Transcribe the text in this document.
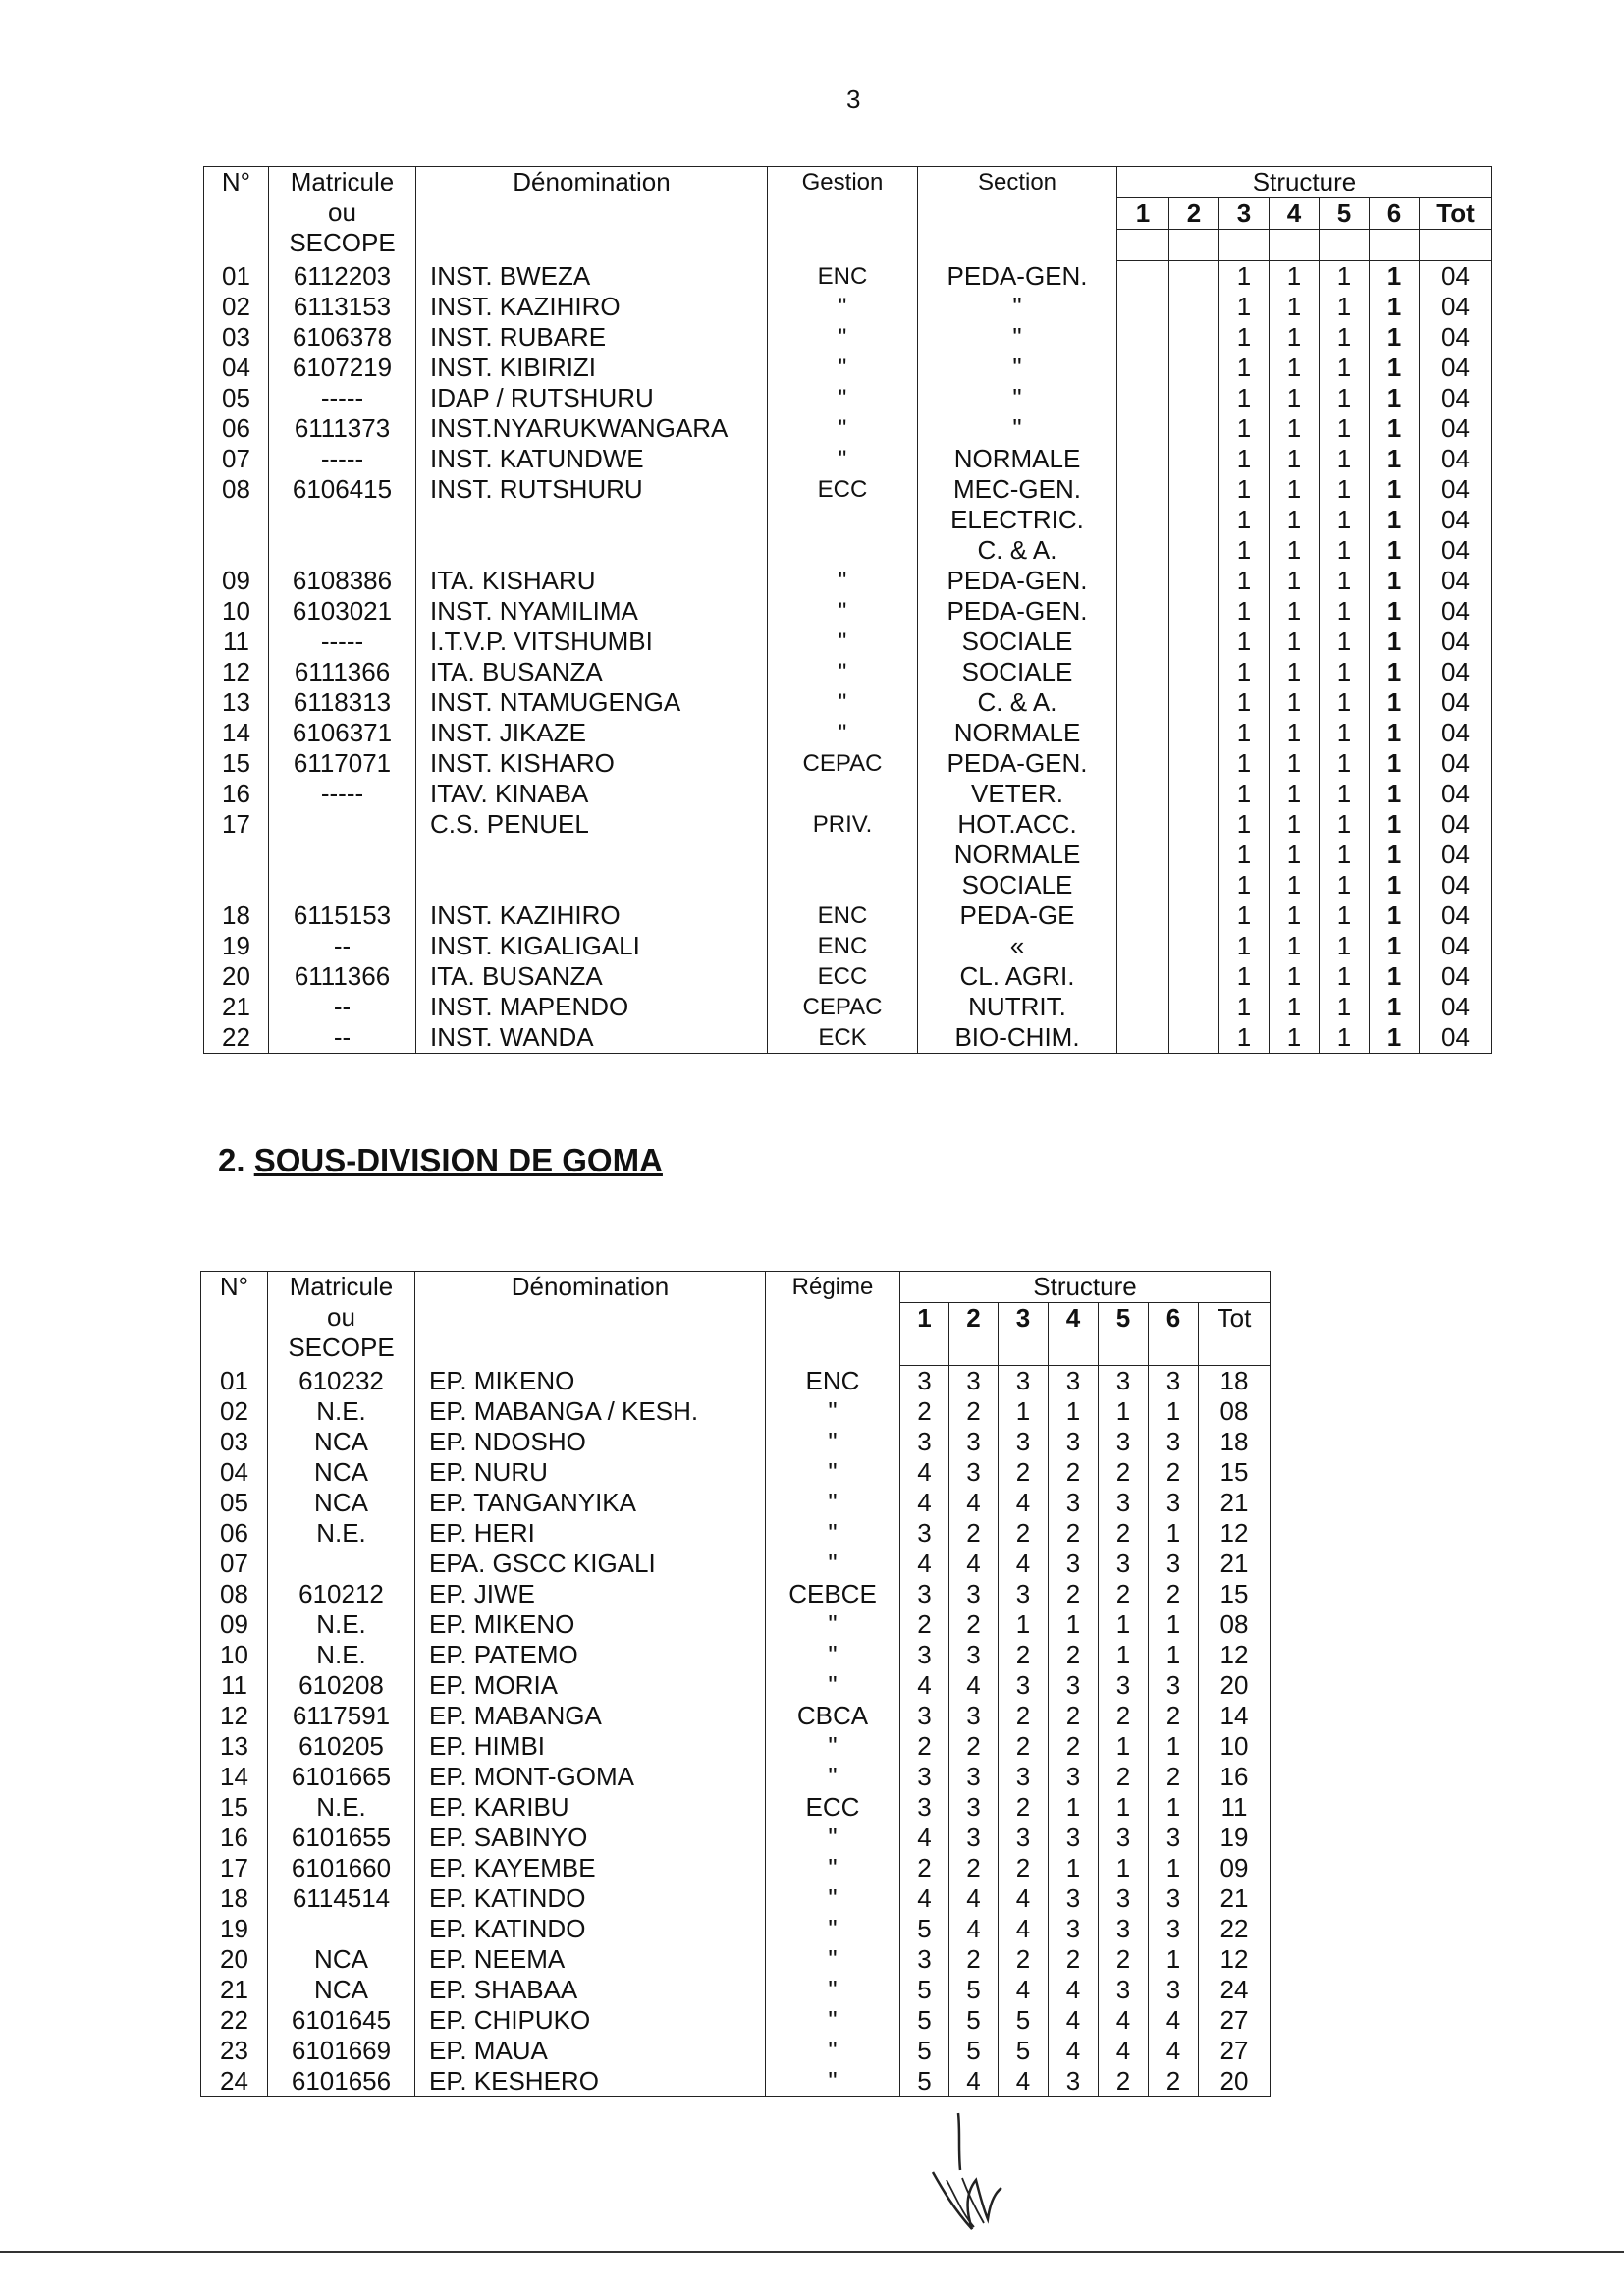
3
N°	Matricule
ou
SECOPE	Dénomination	Gestion	Section	Structure						
					1	2	3	4	5	6	Tot

01	6112203	INST. BWEZA	ENC	PEDA-GEN.			1	1	1	1	04
02	6113153	INST. KAZIHIRO	"	"			1	1	1	1	04
03	6106378	INST. RUBARE	"	"			1	1	1	1	04
04	6107219	INST. KIBIRIZI	"	"			1	1	1	1	04
05	-----	IDAP / RUTSHURU	"	"			1	1	1	1	04
06	6111373	INST.NYARUKWANGARA	"	"			1	1	1	1	04
07	-----	INST. KATUNDWE	"	NORMALE			1	1	1	1	04
08	6106415	INST. RUTSHURU	ECC	MEC-GEN.			1	1	1	1	04
				ELECTRIC.			1	1	1	1	04
				C. & A.			1	1	1	1	04
09	6108386	ITA. KISHARU	"	PEDA-GEN.			1	1	1	1	04
10	6103021	INST. NYAMILIMA	"	PEDA-GEN.			1	1	1	1	04
11	-----	I.T.V.P. VITSHUMBI	"	SOCIALE			1	1	1	1	04
12	6111366	ITA. BUSANZA	"	SOCIALE			1	1	1	1	04
13	6118313	INST. NTAMUGENGA	"	C. & A.			1	1	1	1	04
14	6106371	INST. JIKAZE	"	NORMALE			1	1	1	1	04
15	6117071	INST. KISHARO	CEPAC	PEDA-GEN.			1	1	1	1	04
16	-----	ITAV. KINABA		VETER.			1	1	1	1	04
17		C.S. PENUEL	PRIV.	HOT.ACC.			1	1	1	1	04
				NORMALE			1	1	1	1	04
				SOCIALE			1	1	1	1	04
18	6115153	INST. KAZIHIRO	ENC	PEDA-GE			1	1	1	1	04
19	--	INST. KIGALIGALI	ENC	«			1	1	1	1	04
20	6111366	ITA. BUSANZA	ECC	CL. AGRI.			1	1	1	1	04
21	--	INST. MAPENDO	CEPAC	NUTRIT.			1	1	1	1	04
22	--	INST. WANDA	ECK	BIO-CHIM.			1	1	1	1	04
2. SOUS-DIVISION DE GOMA
N°	Matricule
ou
SECOPE	Dénomination	Régime	Structure						
				1	2	3	4	5	6	Tot

01	610232	EP. MIKENO	ENC	3	3	3	3	3	3	18
02	N.E.	EP. MABANGA / KESH.	"	2	2	1	1	1	1	08
03	NCA	EP. NDOSHO	"	3	3	3	3	3	3	18
04	NCA	EP. NURU	"	4	3	2	2	2	2	15
05	NCA	EP. TANGANYIKA	"	4	4	4	3	3	3	21
06	N.E.	EP. HERI	"	3	2	2	2	2	1	12
07		EPA. GSCC KIGALI	"	4	4	4	3	3	3	21
08	610212	EP. JIWE	CEBCE	3	3	3	2	2	2	15
09	N.E.	EP. MIKENO	"	2	2	1	1	1	1	08
10	N.E.	EP. PATEMO	"	3	3	2	2	1	1	12
11	610208	EP. MORIA	"	4	4	3	3	3	3	20
12	6117591	EP. MABANGA	CBCA	3	3	2	2	2	2	14
13	610205	EP. HIMBI	"	2	2	2	2	1	1	10
14	6101665	EP. MONT-GOMA	"	3	3	3	3	2	2	16
15	N.E.	EP. KARIBU	ECC	3	3	2	1	1	1	11
16	6101655	EP. SABINYO	"	4	3	3	3	3	3	19
17	6101660	EP. KAYEMBE	"	2	2	2	1	1	1	09
18	6114514	EP. KATINDO	"	4	4	4	3	3	3	21
19		EP. KATINDO	"	5	4	4	3	3	3	22
20	NCA	EP. NEEMA	"	3	2	2	2	2	1	12
21	NCA	EP. SHABAA	"	5	5	4	4	3	3	24
22	6101645	EP. CHIPUKO	"	5	5	5	4	4	4	27
23	6101669	EP. MAUA	"	5	5	5	4	4	4	27
24	6101656	EP. KESHERO	"	5	4	4	3	2	2	20
